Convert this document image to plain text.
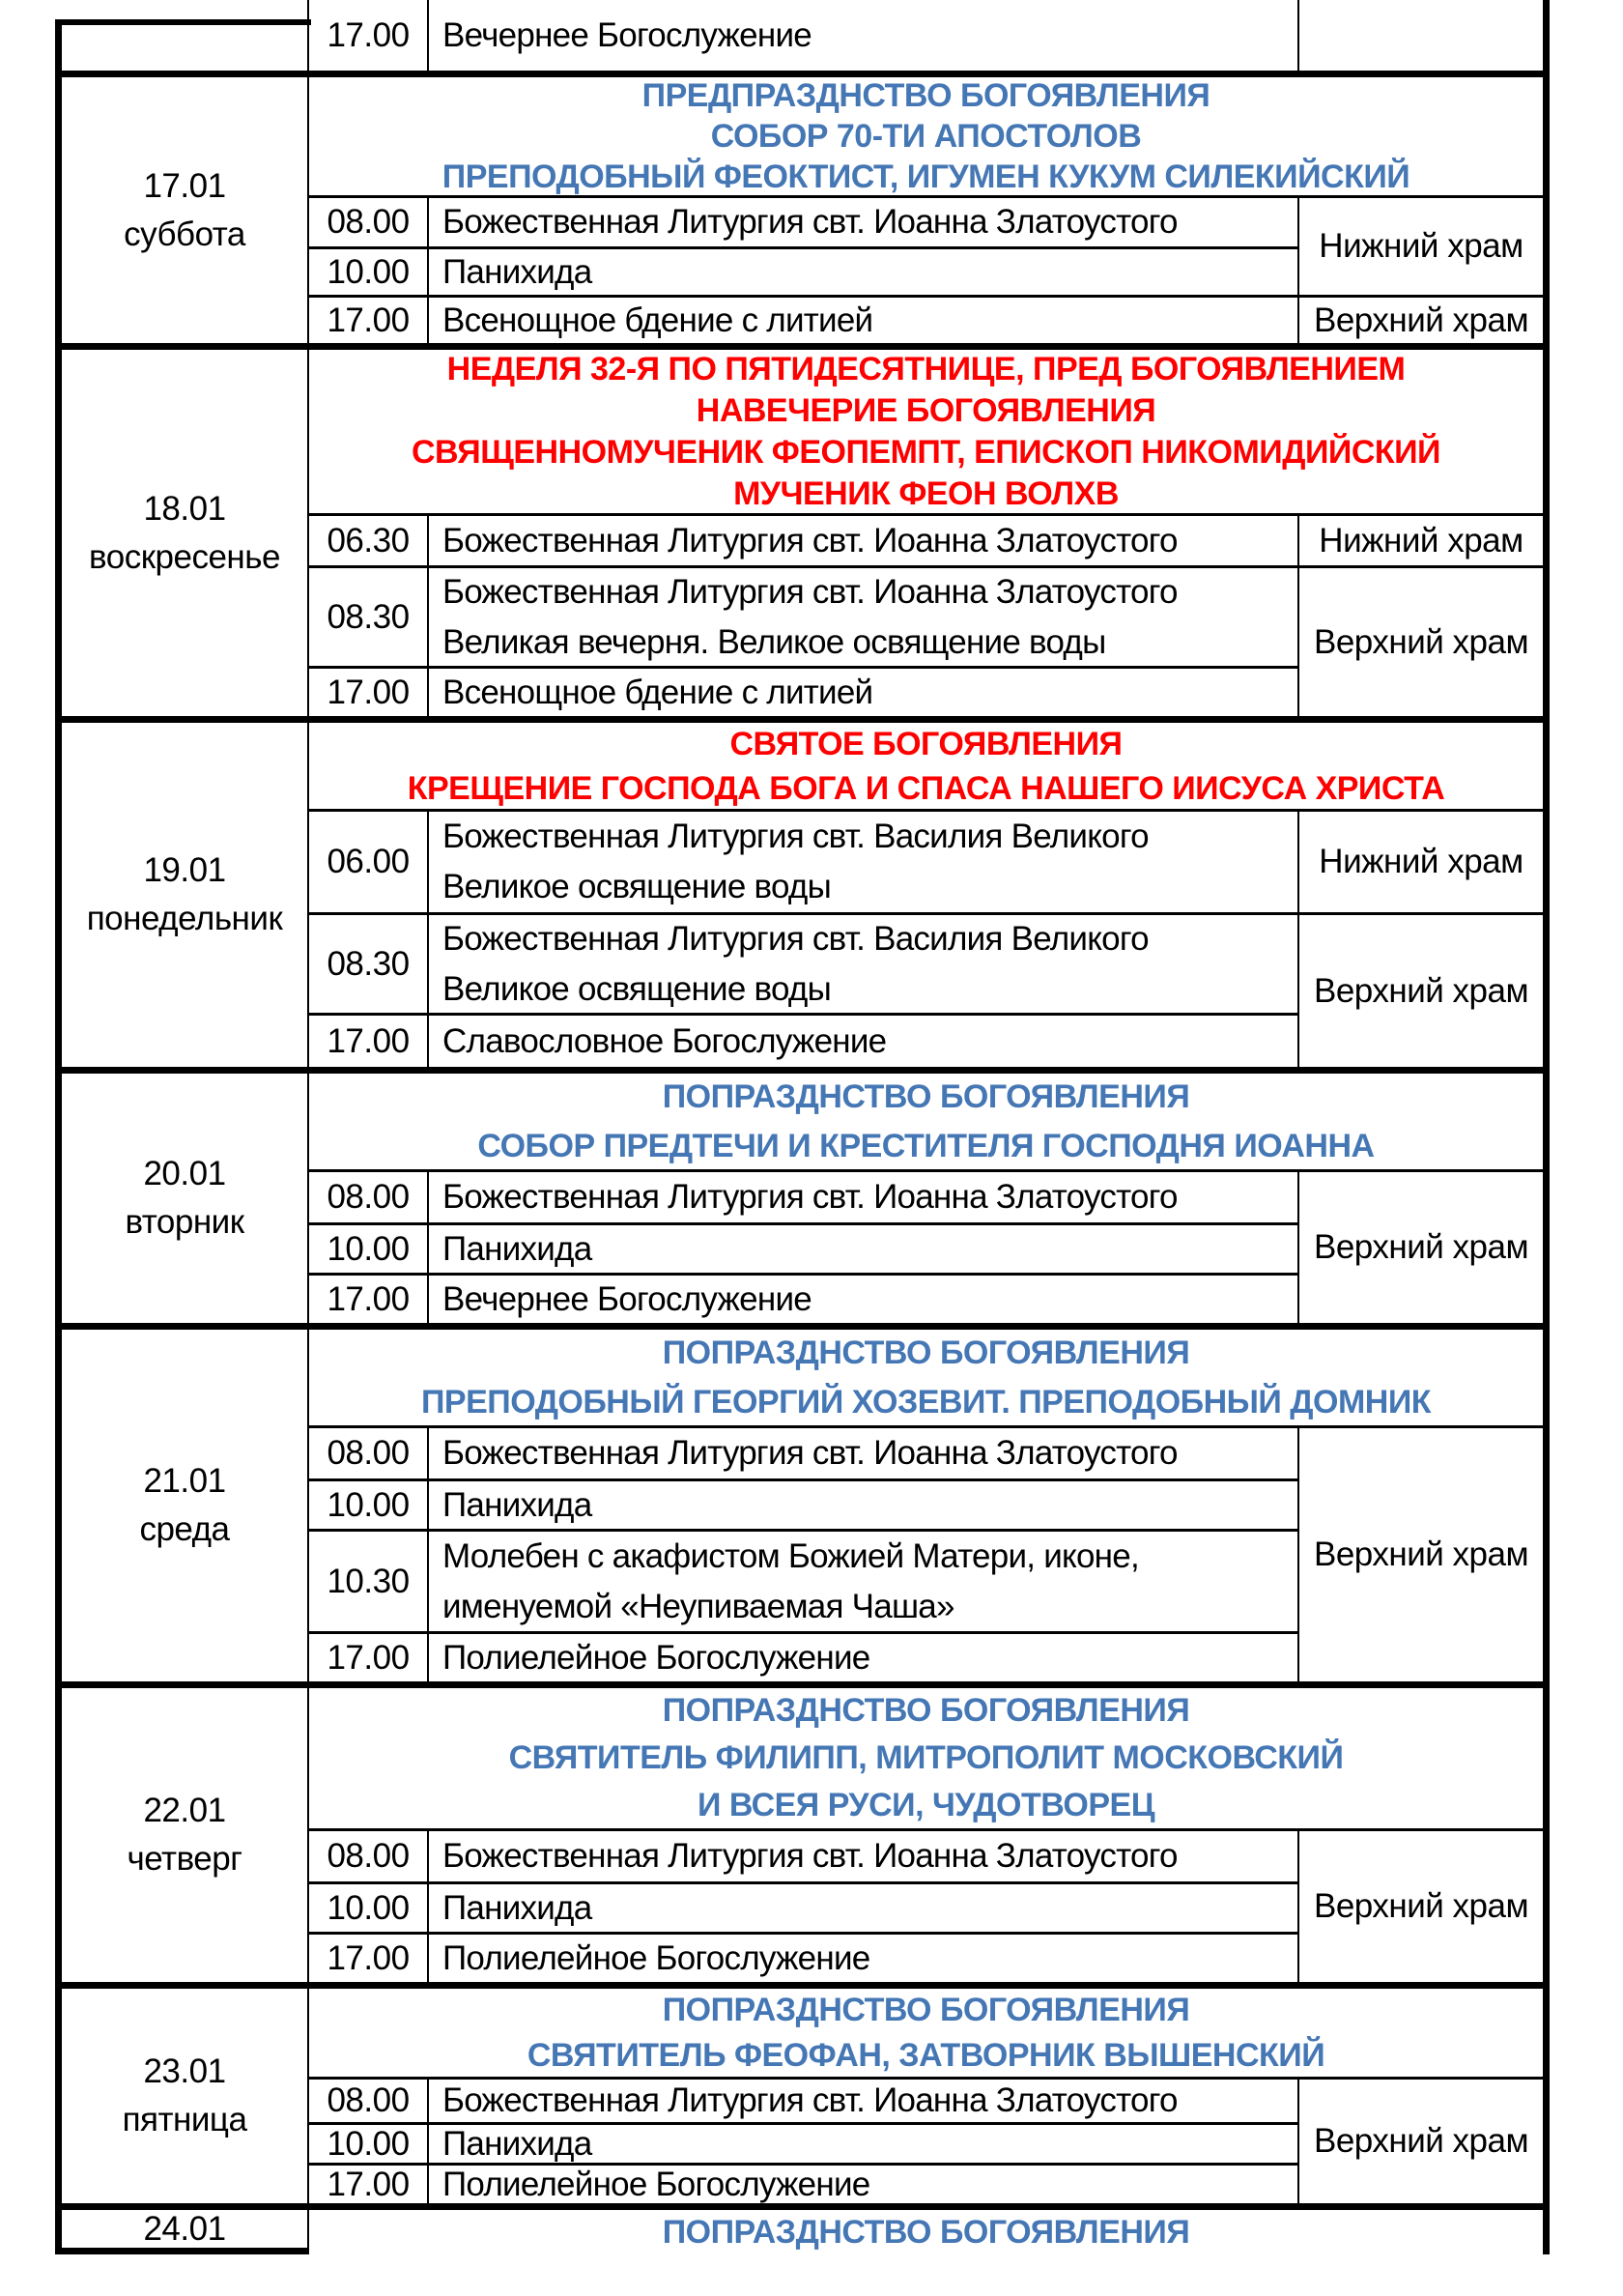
17.00 Вечернее Богослужение
17.01
суббота
ПРЕДПРАЗДНСТВО БОГОЯВЛЕНИЯ
СОБОР 70-ТИ АПОСТОЛОВ
ПРЕПОДОБНЫЙ ФЕОКТИСТ, ИГУМЕН КУКУМ СИЛЕКИЙСКИЙ
08.00 Божественная Литургия свт. Иоанна Златоустого
10.00 Панихида
17.00 Всенощное бдение с литией
Нижний храм
Верхний храм
18.01
воскресенье
НЕДЕЛЯ 32-Я ПО ПЯТИДЕСЯТНИЦЕ, ПРЕД БОГОЯВЛЕНИЕМ
НАВЕЧЕРИЕ БОГОЯВЛЕНИЯ
СВЯЩЕННОМУЧЕНИК ФЕОПЕМПТ, ЕПИСКОП НИКОМИДИЙСКИЙ
МУЧЕНИК ФЕОН ВОЛХВ
06.30 Божественная Литургия свт. Иоанна Златоустого
08.30
Божественная Литургия свт. Иоанна Златоустого
Великая вечерня. Великое освящение воды
17.00 Всенощное бдение с литией
Нижний храм
Верхний храм
19.01
понедельник
СВЯТОЕ БОГОЯВЛЕНИЯ
КРЕЩЕНИЕ ГОСПОДА БОГА И СПАСА НАШЕГО ИИСУСА ХРИСТА
06.00
Божественная Литургия свт. Василия Великого
Великое освящение воды
08.30
Божественная Литургия свт. Василия Великого
Великое освящение воды
17.00 Славословное Богослужение
Нижний храм
Верхний храм
20.01
вторник
ПОПРАЗДНСТВО БОГОЯВЛЕНИЯ
СОБОР ПРЕДТЕЧИ И КРЕСТИТЕЛЯ ГОСПОДНЯ ИОАННА
08.00 Божественная Литургия свт. Иоанна Златоустого
10.00 Панихида
17.00 Вечернее Богослужение
Верхний храм
21.01
среда
ПОПРАЗДНСТВО БОГОЯВЛЕНИЯ
ПРЕПОДОБНЫЙ ГЕОРГИЙ ХОЗЕВИТ. ПРЕПОДОБНЫЙ ДОМНИК
08.00 Божественная Литургия свт. Иоанна Златоустого
10.00 Панихида
10.30
Молебен с акафистом Божией Матери, иконе,
именуемой «Неупиваемая Чаша»
17.00 Полиелейное Богослужение
Верхний храм
22.01
четверг
ПОПРАЗДНСТВО БОГОЯВЛЕНИЯ
СВЯТИТЕЛЬ ФИЛИПП, МИТРОПОЛИТ МОСКОВСКИЙ
И ВСЕЯ РУСИ, ЧУДОТВОРЕЦ
08.00 Божественная Литургия свт. Иоанна Златоустого
10.00 Панихида
17.00 Полиелейное Богослужение
Верхний храм
23.01
пятница
ПОПРАЗДНСТВО БОГОЯВЛЕНИЯ
СВЯТИТЕЛЬ ФЕОФАН, ЗАТВОРНИК ВЫШЕНСКИЙ
08.00 Божественная Литургия свт. Иоанна Златоустого
10.00 Панихида
17.00 Полиелейное Богослужение
Верхний храм
24.01	ПОПРАЗДНСТВО БОГОЯВЛЕНИЯ
